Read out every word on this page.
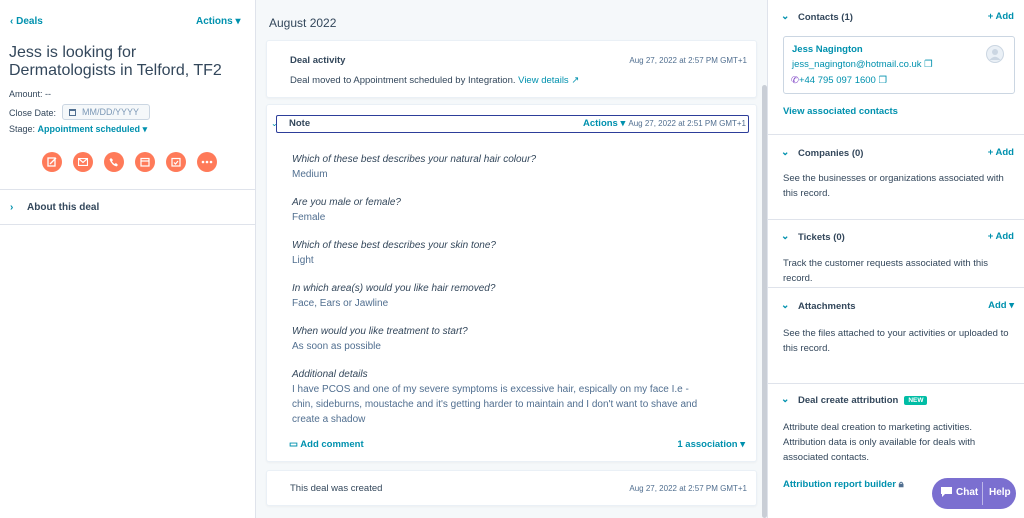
‹ Deals	Actions ▾
Jess is looking for Dermatologists in Telford, TF2
Amount: --
Close Date:	MM/DD/YYYY
Stage: Appointment scheduled ▾
› About this deal
August 2022
Deal activity	Aug 27, 2022 at 2:57 PM GMT+1
Deal moved to Appointment scheduled by Integration. View details ↗
⌄ Note	Actions ▾ Aug 27, 2022 at 2:51 PM GMT+1
Which of these best describes your natural hair colour?
Medium
Are you male or female?
Female
Which of these best describes your skin tone?
Light
In which area(s) would you like hair removed?
Face, Ears or Jawline
When would you like treatment to start?
As soon as possible
Additional details
I have PCOS and one of my severe symptoms is excessive hair, espically on my face I.e - chin, sideburns, moustache and it's getting harder to maintain and I don't want to shave and create a shadow
▭ Add comment	1 association ▾
This deal was created	Aug 27, 2022 at 2:57 PM GMT+1
⌄ Contacts (1)	+ Add
Jess Nagington
jess_nagington@hotmail.co.uk ❐
✆+44 795 097 1600 ❐
View associated contacts
⌄ Companies (0)	+ Add
See the businesses or organizations associated with this record.
⌄ Tickets (0)	+ Add
Track the customer requests associated with this record.
⌄ Attachments	Add ▾
See the files attached to your activities or uploaded to this record.
⌄ Deal create attribution NEW
Attribute deal creation to marketing activities. Attribution data is only available for deals with associated contacts.
Attribution report builder 🔒︎
Chat Help
